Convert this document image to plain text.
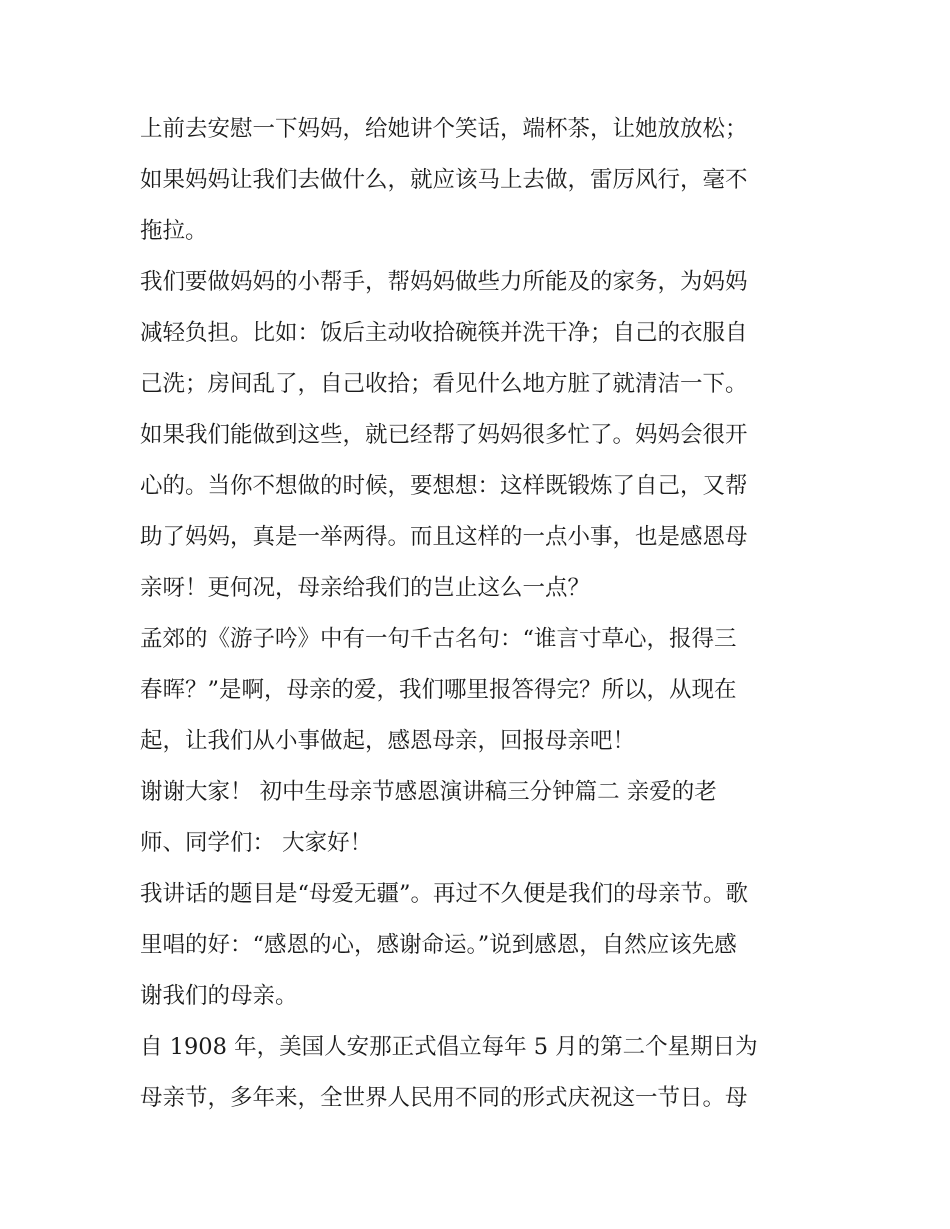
上前去安慰一下妈妈，给她讲个笑话，端杯茶，让她放放松；
如果妈妈让我们去做什么，就应该马上去做，雷厉风行，毫不
拖拉。
我们要做妈妈的小帮手，帮妈妈做些力所能及的家务，为妈妈
减轻负担。比如：饭后主动收拾碗筷并洗干净；自己的衣服自
己洗；房间乱了，自己收拾；看见什么地方脏了就清洁一下。
如果我们能做到这些，就已经帮了妈妈很多忙了。妈妈会很开
心的。当你不想做的时候，要想想：这样既锻炼了自己，又帮
助了妈妈，真是一举两得。而且这样的一点小事，也是感恩母
亲呀！更何况，母亲给我们的岂止这么一点？
孟郊的《游子吟》中有一句千古名句：“谁言寸草心，报得三
春晖？”是啊，母亲的爱，我们哪里报答得完？所以，从现在
起，让我们从小事做起，感恩母亲，回报母亲吧！
谢谢大家！ 初中生母亲节感恩演讲稿三分钟篇二 亲爱的老
师、同学们： 大家好！
我讲话的题目是“母爱无疆”。再过不久便是我们的母亲节。歌
里唱的好：“感恩的心，感谢命运。”说到感恩，自然应该先感
谢我们的母亲。
自 1908 年，美国人安那正式倡立每年 5 月的第二个星期日为
母亲节，多年来，全世界人民用不同的形式庆祝这一节日。母
